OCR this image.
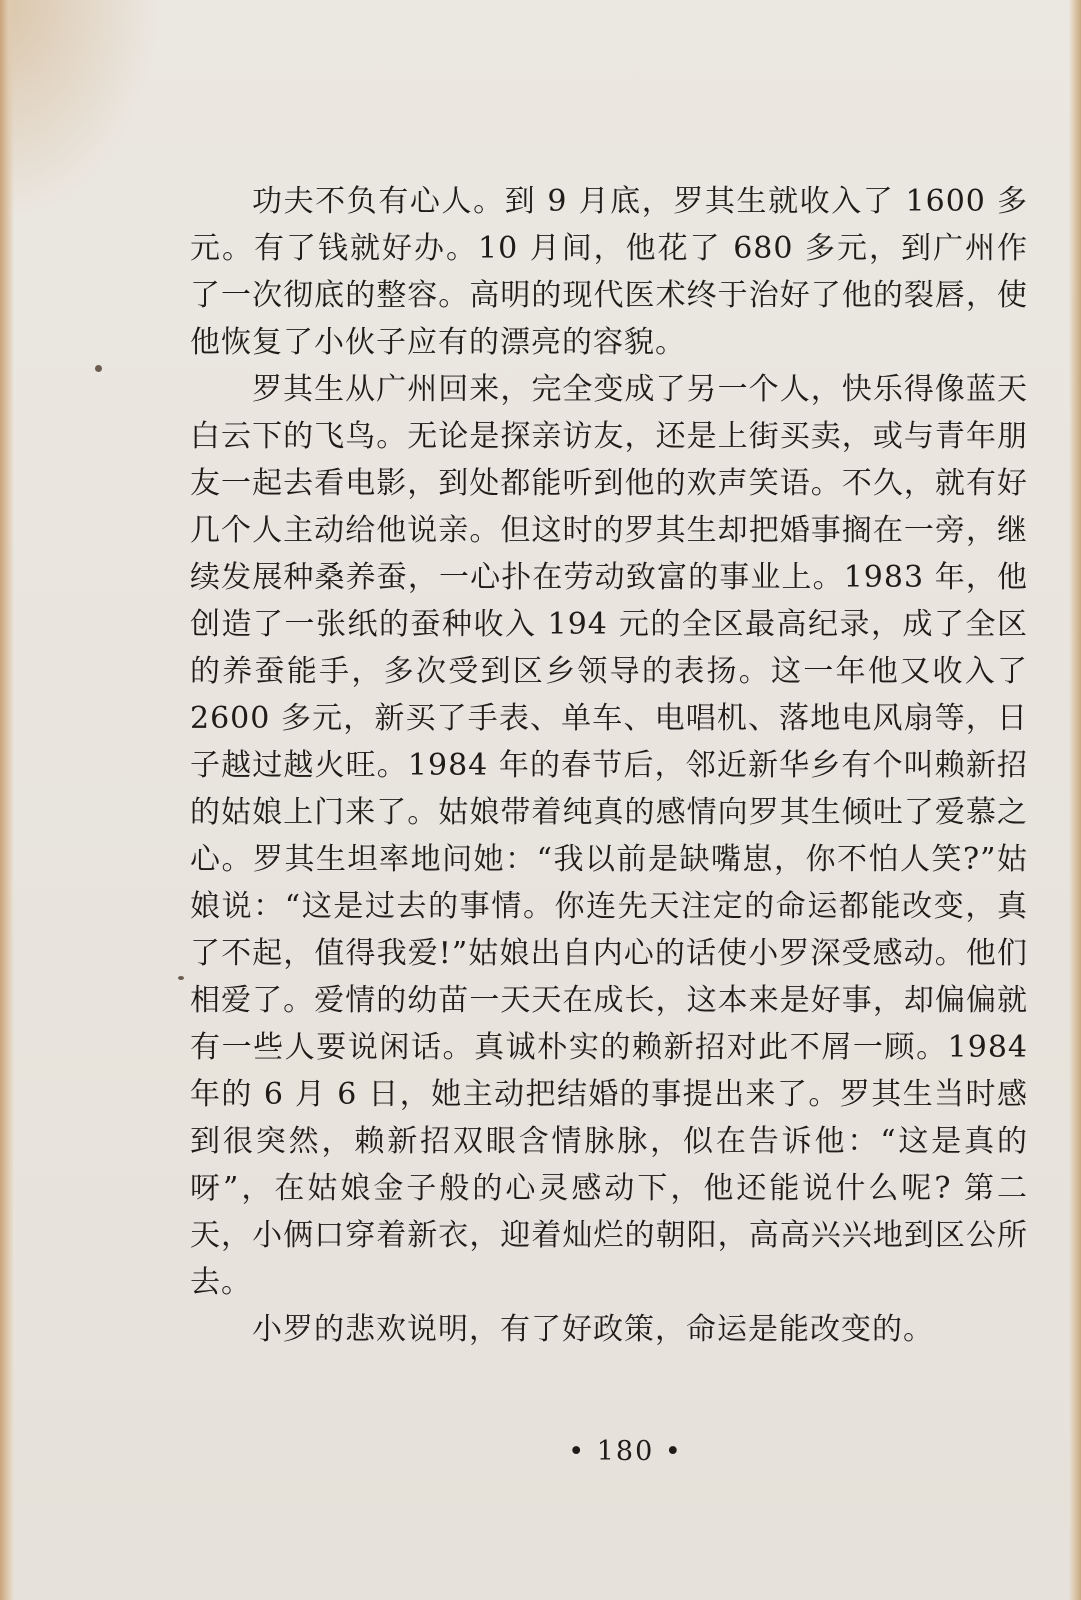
功夫不负有心人。到 9 月底，罗其生就收入了 1600 多元。有了钱就好办。10 月间，他花了 680 多元，到广州作了一次彻底的整容。高明的现代医术终于治好了他的裂唇，使他恢复了小伙子应有的漂亮的容貌。

罗其生从广州回来，完全变成了另一个人，快乐得像蓝天白云下的飞鸟。无论是探亲访友，还是上街买卖，或与青年朋友一起去看电影，到处都能听到他的欢声笑语。不久，就有好几个人主动给他说亲。但这时的罗其生却把婚事搁在一旁，继续发展种桑养蚕，一心扑在劳动致富的事业上。1983 年，他创造了一张纸的蚕种收入 194 元的全区最高纪录，成了全区的养蚕能手，多次受到区乡领导的表扬。这一年他又收入了 2600 多元，新买了手表、单车、电唱机、落地电风扇等，日子越过越火旺。1984 年的春节后，邻近新华乡有个叫赖新招的姑娘上门来了。姑娘带着纯真的感情向罗其生倾吐了爱慕之心。罗其生坦率地问她：“我以前是缺嘴崽，你不怕人笑?”姑娘说：“这是过去的事情。你连先天注定的命运都能改变，真了不起，值得我爱!”姑娘出自内心的话使小罗深受感动。他们相爱了。爱情的幼苗一天天在成长，这本来是好事，却偏偏就有一些人要说闲话。真诚朴实的赖新招对此不屑一顾。1984 年的 6 月 6 日，她主动把结婚的事提出来了。罗其生当时感到很突然，赖新招双眼含情脉脉，似在告诉他：“这是真的呀”，在姑娘金子般的心灵感动下，他还能说什么呢? 第二天，小俩口穿着新衣，迎着灿烂的朝阳，高高兴兴地到区公所去。

小罗的悲欢说明，有了好政策，命运是能改变的。

• 180 •
